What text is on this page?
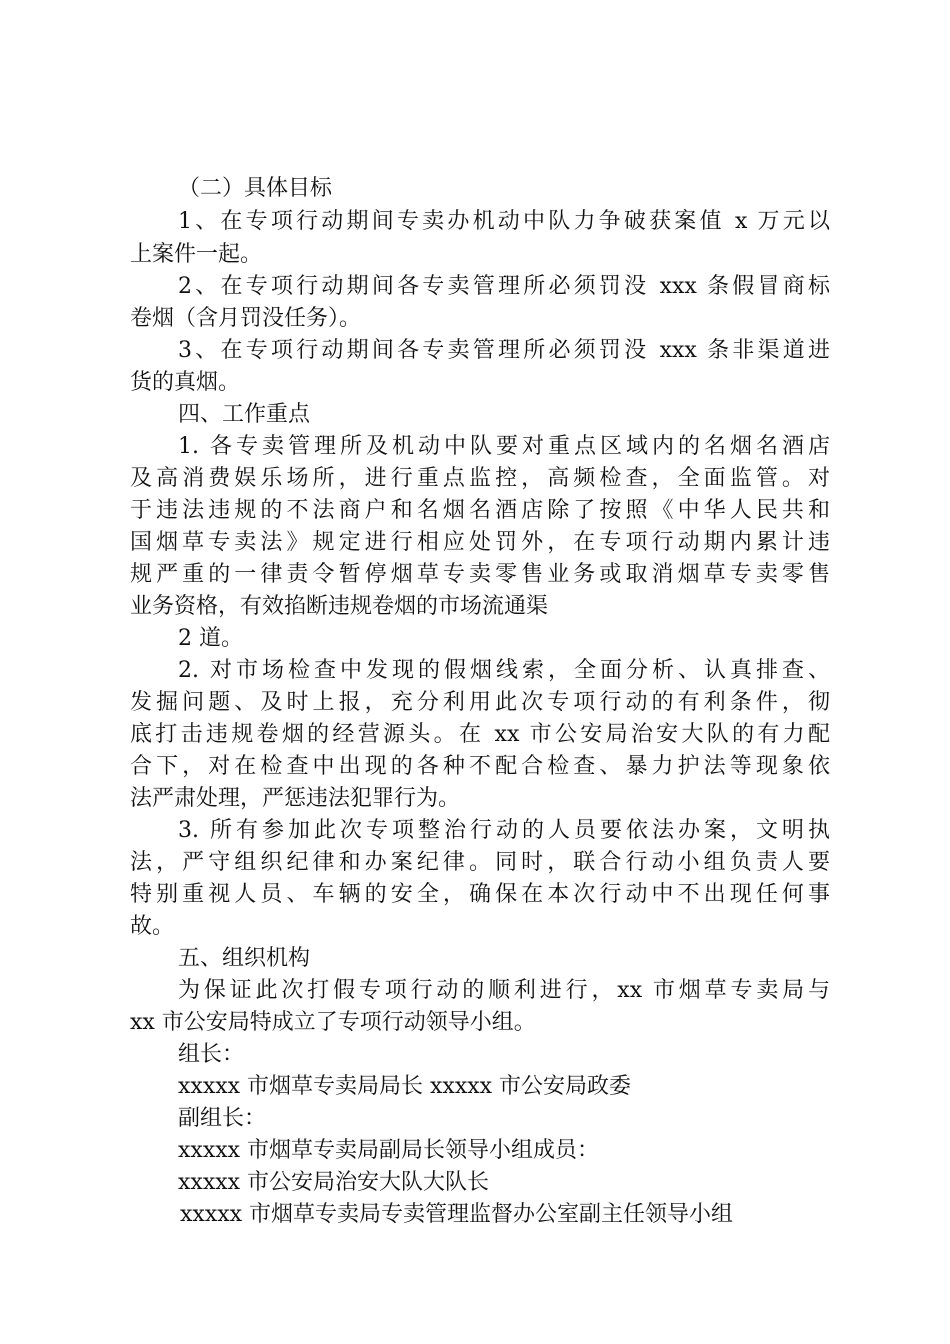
（二）具体目标
1、在专项行动期间专卖办机动中队力争破获案值 x 万元以
上案件一起。
2、在专项行动期间各专卖管理所必须罚没 xxx 条假冒商标
卷烟（含月罚没任务）。
3、在专项行动期间各专卖管理所必须罚没 xxx 条非渠道进
货的真烟。
四、工作重点
1. 各专卖管理所及机动中队要对重点区域内的名烟名酒店
及高消费娱乐场所，进行重点监控，高频检查，全面监管。对
于违法违规的不法商户和名烟名酒店除了按照《中华人民共和
国烟草专卖法》规定进行相应处罚外，在专项行动期内累计违
规严重的一律责令暂停烟草专卖零售业务或取消烟草专卖零售
业务资格，有效掐断违规卷烟的市场流通渠
2 道。
2. 对市场检查中发现的假烟线索，全面分析、认真排查、
发掘问题、及时上报，充分利用此次专项行动的有利条件，彻
底打击违规卷烟的经营源头。在 xx 市公安局治安大队的有力配
合下，对在检查中出现的各种不配合检查、暴力护法等现象依
法严肃处理，严惩违法犯罪行为。
3. 所有参加此次专项整治行动的人员要依法办案，文明执
法，严守组织纪律和办案纪律。同时，联合行动小组负责人要
特别重视人员、车辆的安全，确保在本次行动中不出现任何事
故。
五、组织机构
为保证此次打假专项行动的顺利进行，xx 市烟草专卖局与
xx 市公安局特成立了专项行动领导小组。
组长：
xxxxx 市烟草专卖局局长 xxxxx 市公安局政委
副组长：
xxxxx 市烟草专卖局副局长领导小组成员：
xxxxx 市公安局治安大队大队长
xxxxx 市烟草专卖局专卖管理监督办公室副主任领导小组
